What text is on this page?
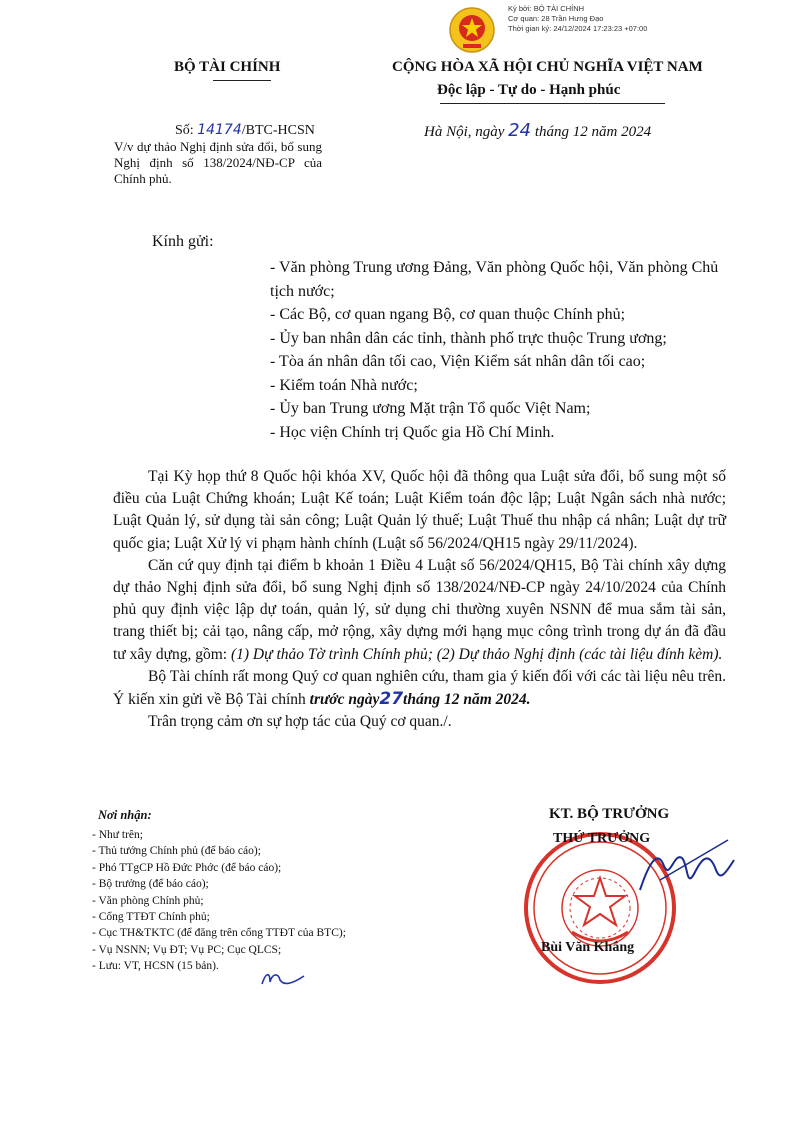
Ký bởi: BỘ TÀI CHÍNH
Cơ quan: 28 Trần Hưng Đạo
Thời gian ký: 24/12/2024 17:23:23 +07:00
BỘ TÀI CHÍNH	CỘNG HÒA XÃ HỘI CHỦ NGHĨA VIỆT NAM
Độc lập - Tự do - Hạnh phúc
Số: 14174/BTC-HCSN	Hà Nội, ngày 24 tháng 12 năm 2024
V/v dự thảo Nghị định sửa đổi, bổ sung Nghị định số 138/2024/NĐ-CP của Chính phủ.
Kính gửi:
- Văn phòng Trung ương Đảng, Văn phòng Quốc hội, Văn phòng Chủ tịch nước;
- Các Bộ, cơ quan ngang Bộ, cơ quan thuộc Chính phủ;
- Ủy ban nhân dân các tỉnh, thành phố trực thuộc Trung ương;
- Tòa án nhân dân tối cao, Viện Kiểm sát nhân dân tối cao;
- Kiểm toán Nhà nước;
- Ủy ban Trung ương Mặt trận Tổ quốc Việt Nam;
- Học viện Chính trị Quốc gia Hồ Chí Minh.

Tại Kỳ họp thứ 8 Quốc hội khóa XV, Quốc hội đã thông qua Luật sửa đổi, bổ sung một số điều của Luật Chứng khoán; Luật Kế toán; Luật Kiểm toán độc lập; Luật Ngân sách nhà nước; Luật Quản lý, sử dụng tài sản công; Luật Quản lý thuế; Luật Thuế thu nhập cá nhân; Luật dự trữ quốc gia; Luật Xử lý vi phạm hành chính (Luật số 56/2024/QH15 ngày 29/11/2024).

Căn cứ quy định tại điểm b khoản 1 Điều 4 Luật số 56/2024/QH15, Bộ Tài chính xây dựng dự thảo Nghị định sửa đổi, bổ sung Nghị định số 138/2024/NĐ-CP ngày 24/10/2024 của Chính phủ quy định việc lập dự toán, quản lý, sử dụng chi thường xuyên NSNN để mua sắm tài sản, trang thiết bị; cải tạo, nâng cấp, mở rộng, xây dựng mới hạng mục công trình trong dự án đã đầu tư xây dựng, gồm: (1) Dự thảo Tờ trình Chính phủ; (2) Dự thảo Nghị định (các tài liệu đính kèm).

Bộ Tài chính rất mong Quý cơ quan nghiên cứu, tham gia ý kiến đối với các tài liệu nêu trên. Ý kiến xin gửi về Bộ Tài chính trước ngày27tháng 12 năm 2024.

Trân trọng cảm ơn sự hợp tác của Quý cơ quan./.

Nơi nhận:
- Như trên;
- Thủ tướng Chính phủ (để báo cáo);
- Phó TTgCP Hồ Đức Phớc (để báo cáo);
- Bộ trưởng (để báo cáo);
- Văn phòng Chính phủ;
- Cổng TTĐT Chính phủ;
- Cục TH&TKTC (để đăng trên cổng TTĐT của BTC);
- Vụ NSNN; Vụ ĐT; Vụ PC; Cục QLCS;
- Lưu: VT, HCSN (15 bản).
KT. BỘ TRƯỞNG
THỨ TRƯỞNG
Bùi Văn Khắng
